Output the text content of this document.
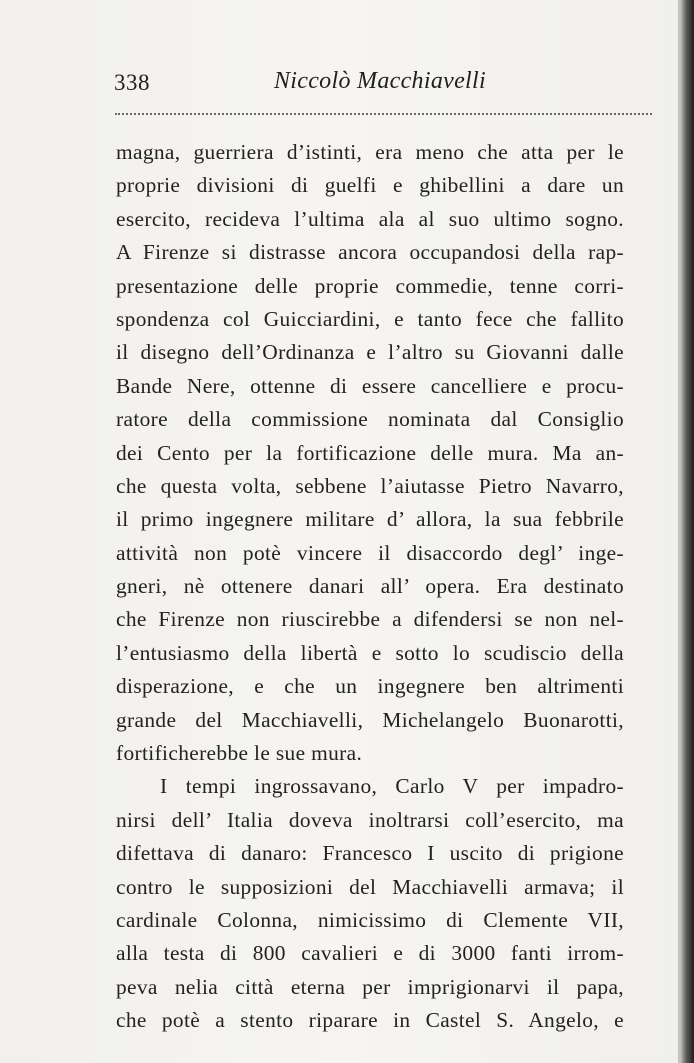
338	Niccolò Macchiavelli
magna, guerriera d’istinti, era meno che atta per le
proprie divisioni di guelfi e ghibellini a dare un
esercito, recideva l’ultima ala al suo ultimo sogno.
A Firenze si distrasse ancora occupandosi della rap-
presentazione delle proprie commedie, tenne corri-
spondenza col Guicciardini, e tanto fece che fallito
il disegno dell’Ordinanza e l’altro su Giovanni dalle
Bande Nere, ottenne di essere cancelliere e procu-
ratore della commissione nominata dal Consiglio
dei Cento per la fortificazione delle mura. Ma an-
che questa volta, sebbene l’aiutasse Pietro Navarro,
il primo ingegnere militare d’ allora, la sua febbrile
attività non potè vincere il disaccordo degl’ inge-
gneri, nè ottenere danari all’ opera. Era destinato
che Firenze non riuscirebbe a difendersi se non nel-
l’entusiasmo della libertà e sotto lo scudiscio della
disperazione, e che un ingegnere ben altrimenti
grande del Macchiavelli, Michelangelo Buonarotti,
fortificherebbe le sue mura.
I tempi ingrossavano, Carlo V per impadro-
nirsi dell’ Italia doveva inoltrarsi coll’esercito, ma
difettava di danaro: Francesco I uscito di prigione
contro le supposizioni del Macchiavelli armava; il
cardinale Colonna, nimicissimo di Clemente VII,
alla testa di 800 cavalieri e di 3000 fanti irrom-
peva nelia città eterna per imprigionarvi il papa,
che potè a stento riparare in Castel S. Angelo, e
